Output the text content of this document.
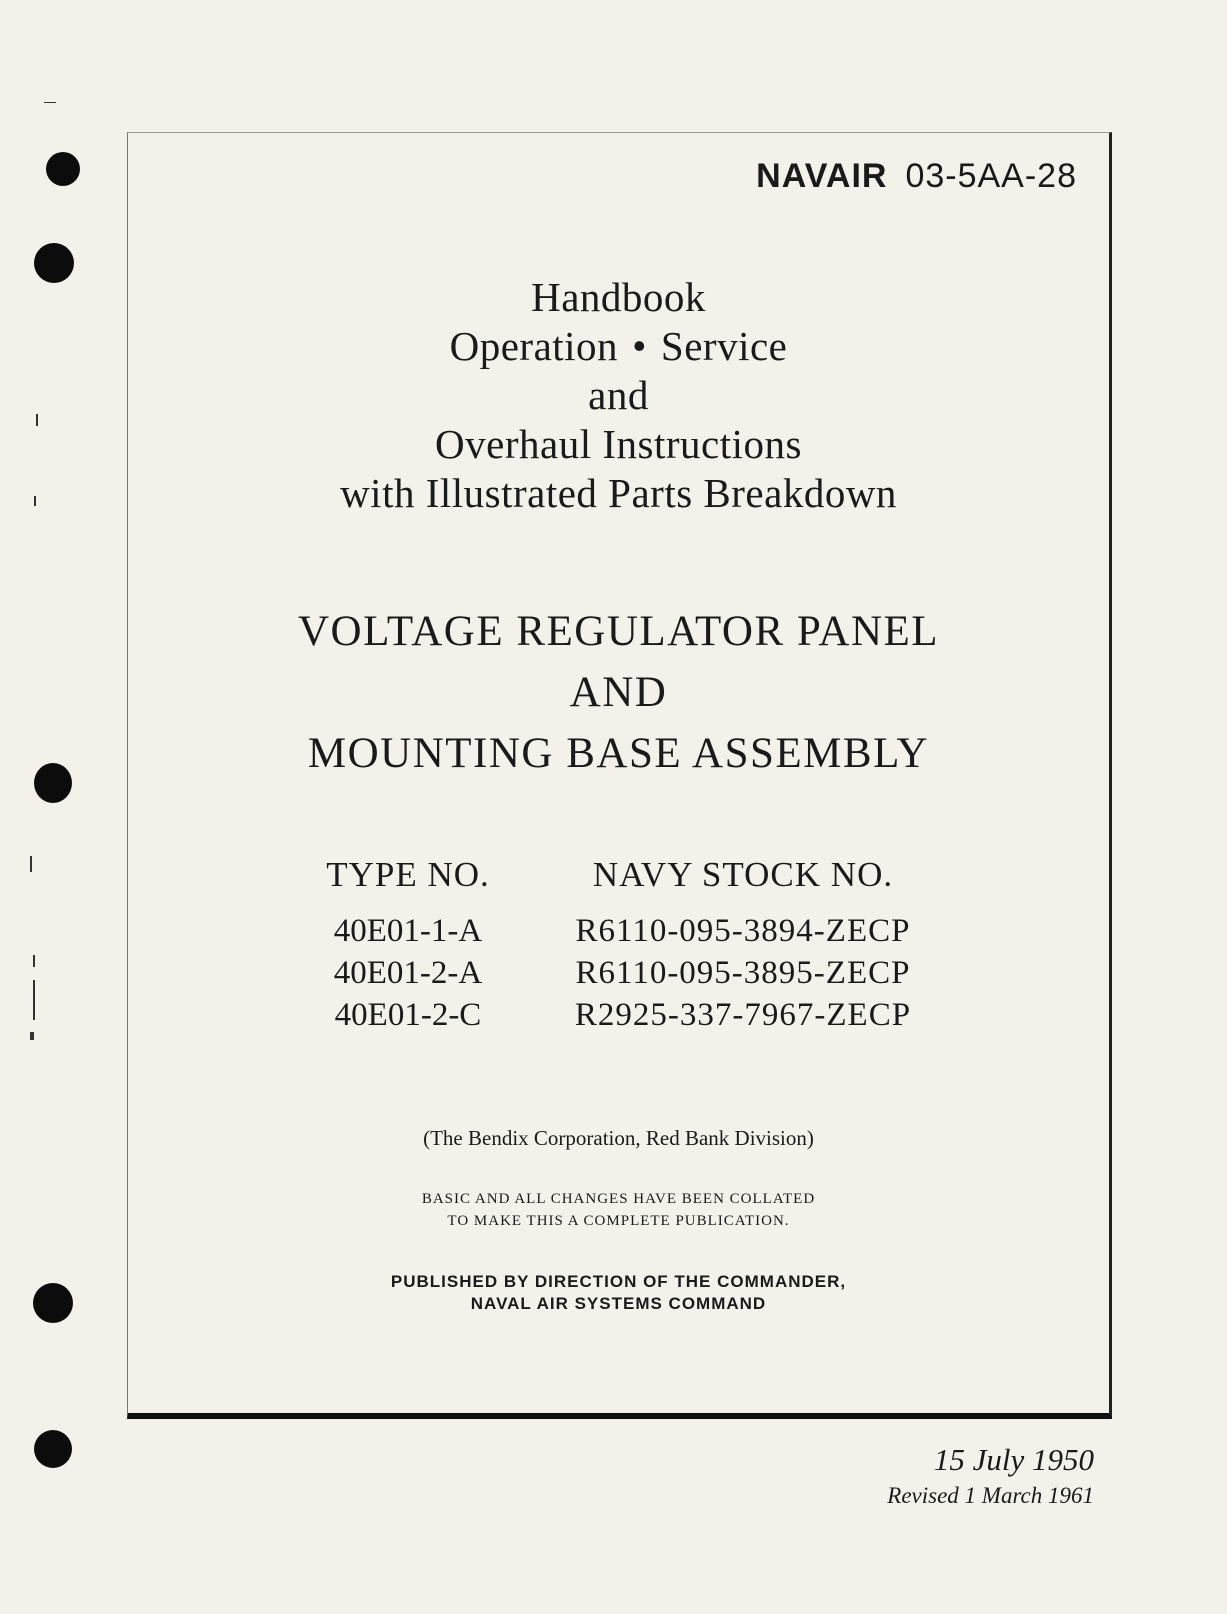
NAVAIR 03-5AA-28
Handbook
Operation • Service
and
Overhaul Instructions
with Illustrated Parts Breakdown
VOLTAGE REGULATOR PANEL
AND
MOUNTING BASE ASSEMBLY
TYPE NO.	NAVY STOCK NO.
40E01-1-A	R6110-095-3894-ZECP
40E01-2-A	R6110-095-3895-ZECP
40E01-2-C	R2925-337-7967-ZECP
(The Bendix Corporation, Red Bank Division)
BASIC AND ALL CHANGES HAVE BEEN COLLATED
TO MAKE THIS A COMPLETE PUBLICATION.
PUBLISHED BY DIRECTION OF THE COMMANDER,
NAVAL AIR SYSTEMS COMMAND
15 July 1950
Revised 1 March 1961
